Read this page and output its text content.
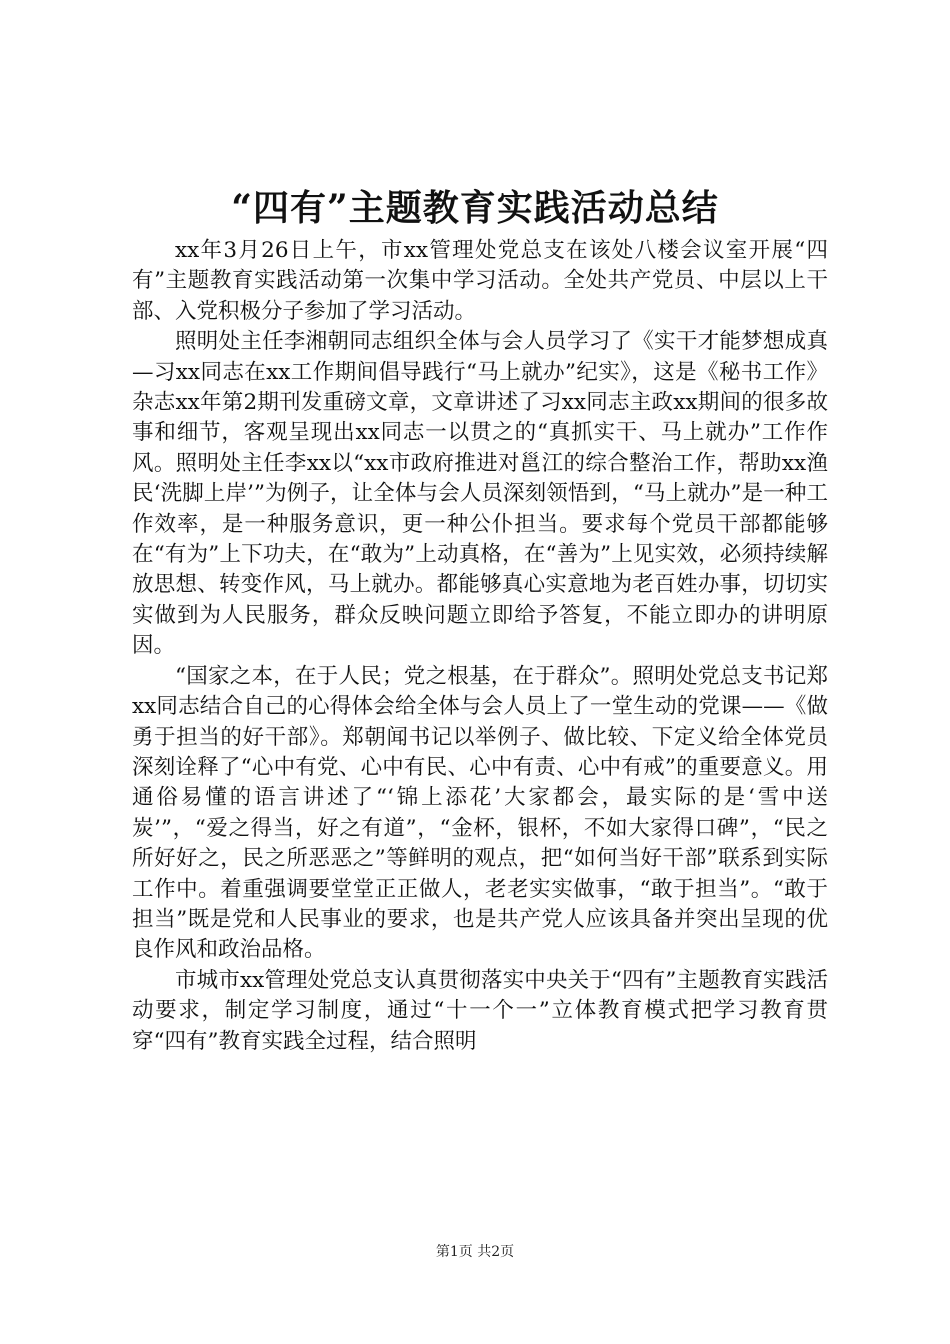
“四有”主题教育实践活动总结

xx年3月26日上午，市xx管理处党总支在该处八楼会议室开展“四有”主题教育实践活动第一次集中学习活动。全处共产党员、中层以上干部、入党积极分子参加了学习活动。

照明处主任李湘朝同志组织全体与会人员学习了《实干才能梦想成真—习xx同志在xx工作期间倡导践行“马上就办”纪实》，这是《秘书工作》杂志xx年第2期刊发重磅文章，文章讲述了习xx同志主政xx期间的很多故事和细节，客观呈现出xx同志一以贯之的“真抓实干、马上就办”工作作风。照明处主任李xx以“xx市政府推进对邕江的综合整治工作，帮助xx渔民‘洗脚上岸’”为例子，让全体与会人员深刻领悟到，“马上就办”是一种工作效率，是一种服务意识，更一种公仆担当。要求每个党员干部都能够在“有为”上下功夫，在“敢为”上动真格，在“善为”上见实效，必须持续解放思想、转变作风，马上就办。都能够真心实意地为老百姓办事，切切实实做到为人民服务，群众反映问题立即给予答复，不能立即办的讲明原因。

“国家之本，在于人民；党之根基，在于群众”。照明处党总支书记郑xx同志结合自己的心得体会给全体与会人员上了一堂生动的党课——《做勇于担当的好干部》。郑朝闻书记以举例子、做比较、下定义给全体党员深刻诠释了“心中有党、心中有民、心中有责、心中有戒”的重要意义。用通俗易懂的语言讲述了“‘锦上添花’大家都会，最实际的是‘雪中送炭’”，“爱之得当，好之有道”，“金杯，银杯，不如大家得口碑”，“民之所好好之，民之所恶恶之”等鲜明的观点，把“如何当好干部”联系到实际工作中。着重强调要堂堂正正做人，老老实实做事，“敢于担当”。“敢于担当”既是党和人民事业的要求，也是共产党人应该具备并突出呈现的优良作风和政治品格。

市城市xx管理处党总支认真贯彻落实中央关于“四有”主题教育实践活动要求，制定学习制度，通过“十一个一”立体教育模式把学习教育贯穿“四有”教育实践全过程，结合照明

第1页 共2页
